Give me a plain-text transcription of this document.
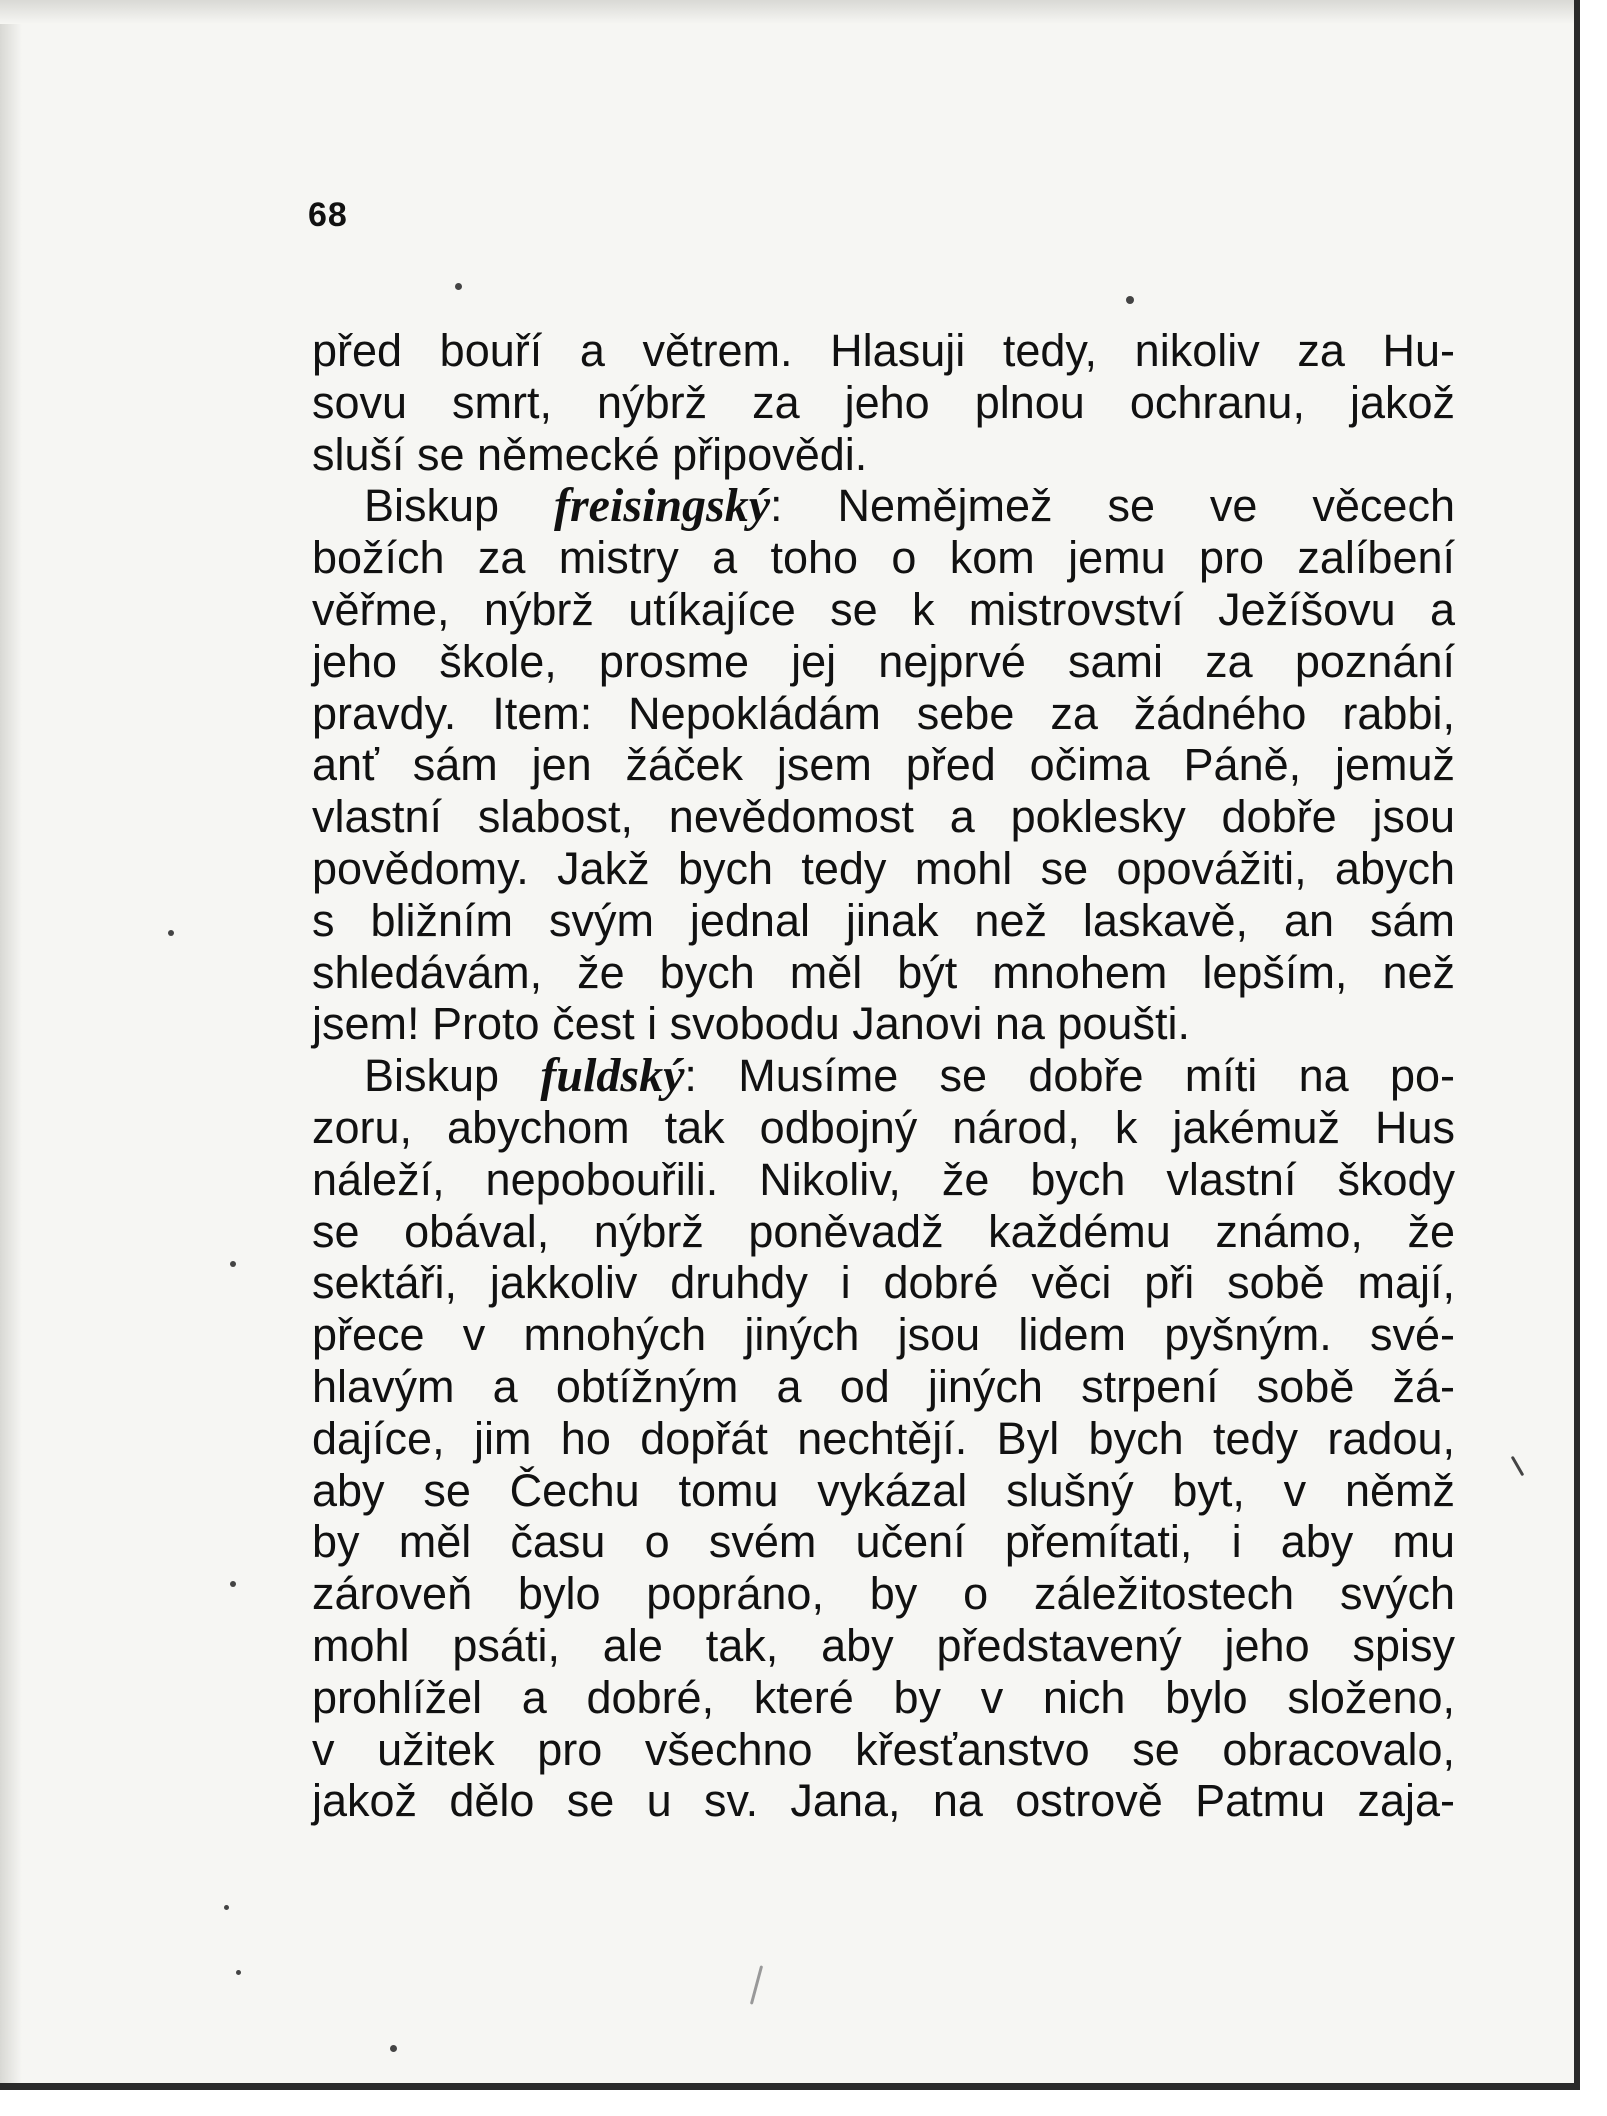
68
před bouří a větrem. Hlasuji tedy, nikoliv za Hu-
sovu smrt, nýbrž za jeho plnou ochranu, jakož
sluší se německé připovědi.
Biskup freisingský: Nemějmež se ve věcech
božích za mistry a toho o kom jemu pro zalíbení
věřme, nýbrž utíkajíce se k mistrovství Ježíšovu a
jeho škole, prosme jej nejprvé sami za poznání
pravdy. Item: Nepokládám sebe za žádného rabbi,
anť sám jen žáček jsem před očima Páně, jemuž
vlastní slabost, nevědomost a poklesky dobře jsou
povědomy. Jakž bych tedy mohl se opovážiti, abych
s bližním svým jednal jinak než laskavě, an sám
shledávám, že bych měl být mnohem lepším, než
jsem! Proto čest i svobodu Janovi na poušti.
Biskup fuldský: Musíme se dobře míti na po-
zoru, abychom tak odbojný národ, k jakémuž Hus
náleží, nepobouřili. Nikoliv, že bych vlastní škody
se obával, nýbrž poněvadž každému známo, že
sektáři, jakkoliv druhdy i dobré věci při sobě mají,
přece v mnohých jiných jsou lidem pyšným. své-
hlavým a obtížným a od jiných strpení sobě žá-
dajíce, jim ho dopřát nechtějí. Byl bych tedy radou,
aby se Čechu tomu vykázal slušný byt, v němž
by měl času o svém učení přemítati, i aby mu
zároveň bylo popráno, by o záležitostech svých
mohl psáti, ale tak, aby představený jeho spisy
prohlížel a dobré, které by v nich bylo složeno,
v užitek pro všechno křesťanstvo se obracovalo,
jakož dělo se u sv. Jana, na ostrově Patmu zaja-
